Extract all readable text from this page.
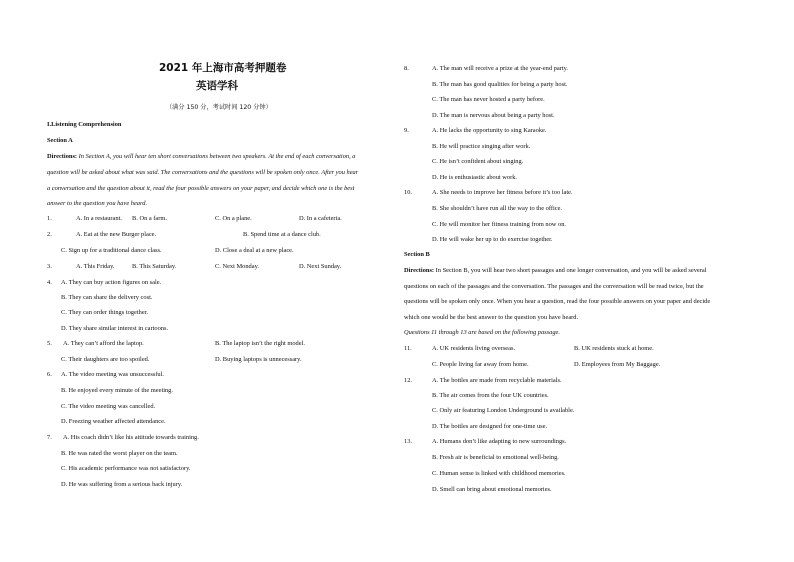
2021 年上海市高考押题卷
英语学科
（满分 150 分，考试时间 120 分钟）
I.Listening Comprehension
Section A
Directions: In Section A, you will hear ten short conversations between two speakers. At the end of each conversation, a
question will be asked about what was said. The conversations and the questions will be spoken only once. After you hear
a conversation and the question about it, read the four possible answers on your paper, and decide which one is the best
answer to the question you have heard.
1.	A. In a restaurant. B. On a farm.	C. On a plane.	D. In a cafeteria.
2.	A. Eat at the new Burger place.	B. Spend time at a dance club.
C. Sign up for a traditional dance class.	D. Close a deal at a new place.
3.	A. This Friday.	B. This Saturday.	C. Next Monday.	D. Next Sunday.
4. A. They can buy action figures on sale.
B. They can share the delivery cost.
C. They can order things together.
D. They share similar interest in cartoons.
5. A. They can’t afford the laptop.	B. The laptop isn’t the right model.
C. Their daughters are too spoiled.	D. Buying laptops is unnecessary.
6. A. The video meeting was unsuccessful.
B. He enjoyed every minute of the meeting.
C. The video meeting was cancelled.
D. Freezing weather affected attendance.
7. A. His coach didn’t like his attitude towards training.
B. He was rated the worst player on the team.
C. His academic performance was not satisfactory.
D. He was suffering from a serious back injury.
8.	A. The man will receive a prize at the year-end party.
B. The man has good qualities for being a party host.
C. The man has never hosted a party before.
D. The man is nervous about being a party host.
9.	A. He lacks the opportunity to sing Karaoke.
B. He will practice singing after work.
C. He isn’t confident about singing.
D. He is enthusiastic about work.
10.	A. She needs to improve her fitness before it’s too late.
B. She shouldn’t have run all the way to the office.
C. He will monitor her fitness training from now on.
D. He will wake her up to do exercise together.
Section B
Directions: In Section B, you will hear two short passages and one longer conversation, and you will be asked several
questions on each of the passages and the conversation. The passages and the conversation will be read twice, but the
questions will be spoken only once. When you hear a question, read the four possible answers on your paper and decide
which one would be the best answer to the question you have heard.
Questions 11 through 13 are based on the following passage.
11.	A. UK residents living overseas.	B. UK residents stuck at home.
C. People living far away from home.	D. Employees from My Baggage.
12.	A. The bottles are made from recyclable materials.
B. The air comes from the four UK countries.
C. Only air featuring London Underground is available.
D. The bottles are designed for one-time use.
13.	A. Humans don’t like adapting to new surroundings.
B. Fresh air is beneficial to emotional well-being.
C. Human sense is linked with childhood memories.
D. Smell can bring about emotional memories.
